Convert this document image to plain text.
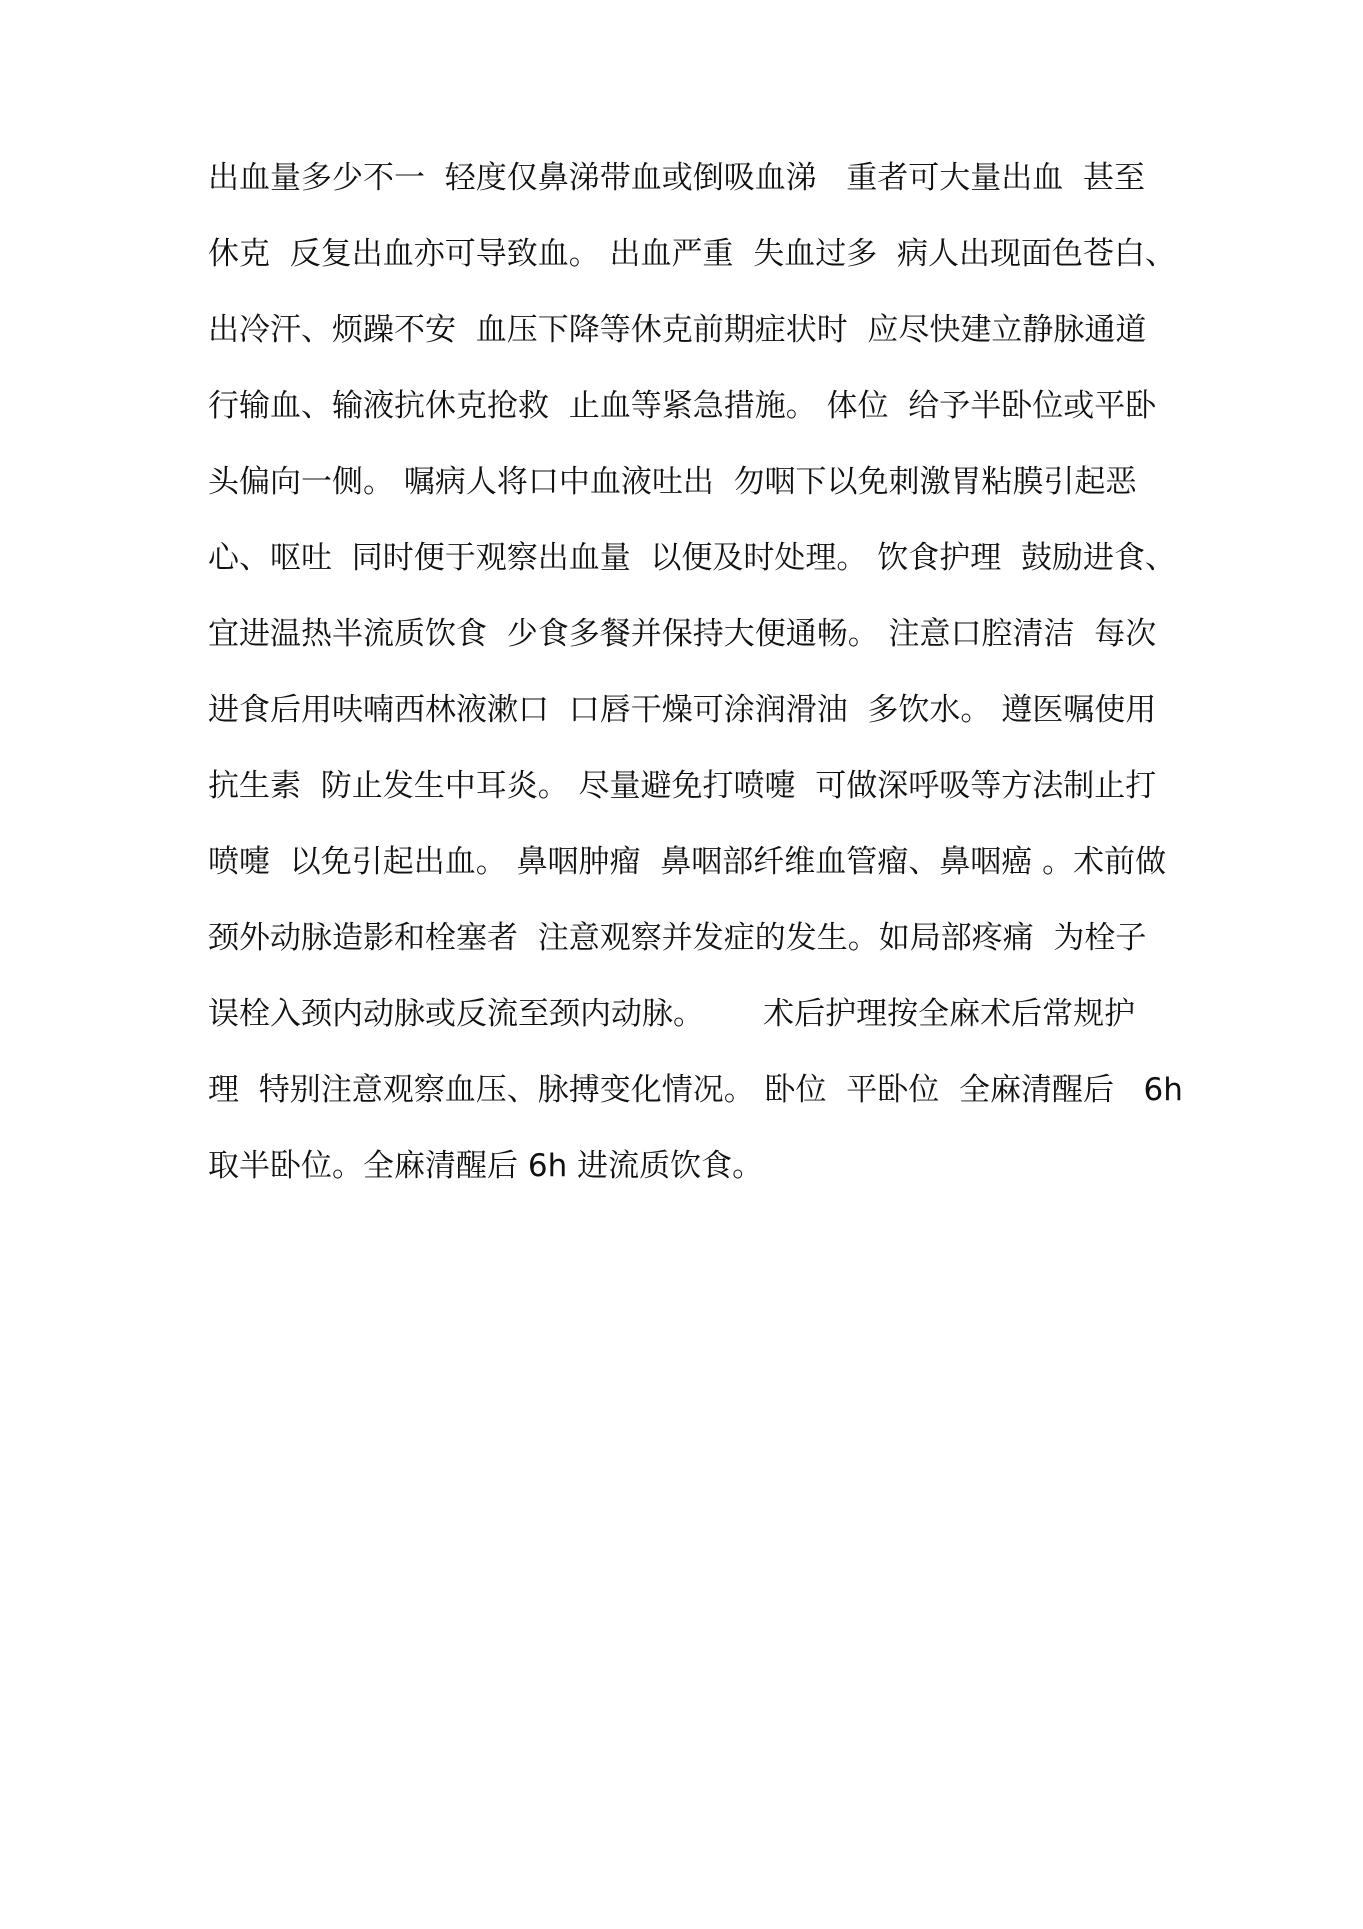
出血量多少不一  轻度仅鼻涕带血或倒吸血涕   重者可大量出血  甚至
休克  反复出血亦可导致血。 出血严重  失血过多  病人出现面色苍白、
出冷汗、烦躁不安  血压下降等休克前期症状时  应尽快建立静脉通道
行输血、输液抗休克抢救  止血等紧急措施。 体位  给予半卧位或平卧
头偏向一侧。 嘱病人将口中血液吐出  勿咽下以免刺激胃粘膜引起恶
心、呕吐  同时便于观察出血量  以便及时处理。 饮食护理  鼓励进食、
宜进温热半流质饮食  少食多餐并保持大便通畅。 注意口腔清洁  每次
进食后用呋喃西林液漱口  口唇干燥可涂润滑油  多饮水。 遵医嘱使用
抗生素  防止发生中耳炎。 尽量避免打喷嚏  可做深呼吸等方法制止打
喷嚏  以免引起出血。 鼻咽肿瘤  鼻咽部纤维血管瘤、鼻咽癌 。术前做
颈外动脉造影和栓塞者  注意观察并发症的发生。如局部疼痛  为栓子
误栓入颈内动脉或反流至颈内动脉。      术后护理按全麻术后常规护
理  特别注意观察血压、脉搏变化情况。 卧位  平卧位  全麻清醒后   6h
取半卧位。全麻清醒后 6h 进流质饮食。
